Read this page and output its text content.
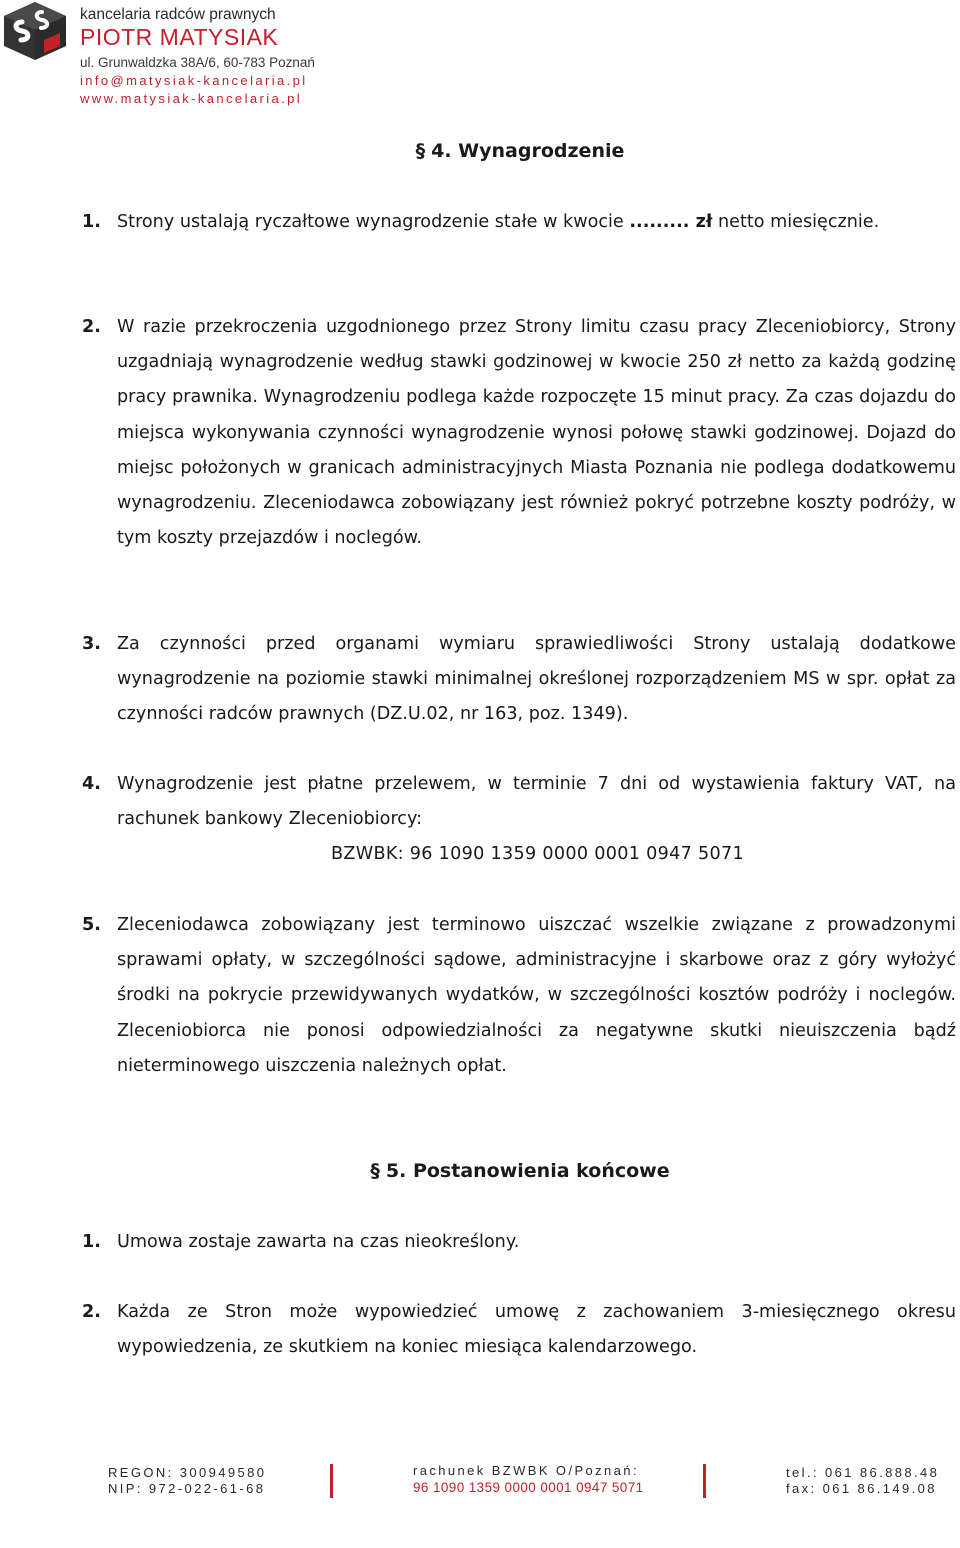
kancelaria radców prawnych
PIOTR MATYSIAK
ul. Grunwaldzka 38A/6, 60-783 Poznań
info@matysiak-kancelaria.pl
www.matysiak-kancelaria.pl
§ 4. Wynagrodzenie
1. Strony ustalają ryczałtowe wynagrodzenie stałe w kwocie ......... zł netto miesięcznie.
2. W razie przekroczenia uzgodnionego przez Strony limitu czasu pracy Zleceniobiorcy, Strony uzgadniają wynagrodzenie według stawki godzinowej w kwocie 250 zł netto za każdą godzinę pracy prawnika. Wynagrodzeniu podlega każde rozpoczęte 15 minut pracy. Za czas dojazdu do miejsca wykonywania czynności wynagrodzenie wynosi połowę stawki godzinowej. Dojazd do miejsc położonych w granicach administracyjnych Miasta Poznania nie podlega dodatkowemu wynagrodzeniu. Zleceniodawca zobowiązany jest również pokryć potrzebne koszty podróży, w tym koszty przejazdów i noclegów.
3. Za czynności przed organami wymiaru sprawiedliwości Strony ustalają dodatkowe wynagrodzenie na poziomie stawki minimalnej określonej rozporządzeniem MS w spr. opłat za czynności radców prawnych (DZ.U.02, nr 163, poz. 1349).
4. Wynagrodzenie jest płatne przelewem, w terminie 7 dni od wystawienia faktury VAT, na rachunek bankowy Zleceniobiorcy:
BZWBK: 96 1090 1359 0000 0001 0947 5071
5. Zleceniodawca zobowiązany jest terminowo uiszczać wszelkie związane z prowadzonymi sprawami opłaty, w szczególności sądowe, administracyjne i skarbowe oraz z góry wyłożyć środki na pokrycie przewidywanych wydatków, w szczególności kosztów podróży i noclegów. Zleceniobiorca nie ponosi odpowiedzialności za negatywne skutki nieuiszczenia bądź nieterminowego uiszczenia należnych opłat.
§ 5. Postanowienia końcowe
1. Umowa zostaje zawarta na czas nieokreślony.
2. Każda ze Stron może wypowiedzieć umowę z zachowaniem 3-miesięcznego okresu wypowiedzenia, ze skutkiem na koniec miesiąca kalendarzowego.
REGON: 300949580
NIP: 972-022-61-68
rachunek BZWBK O/Poznań:
96 1090 1359 0000 0001 0947 5071
tel.: 061 86.888.48
fax: 061 86.149.08
